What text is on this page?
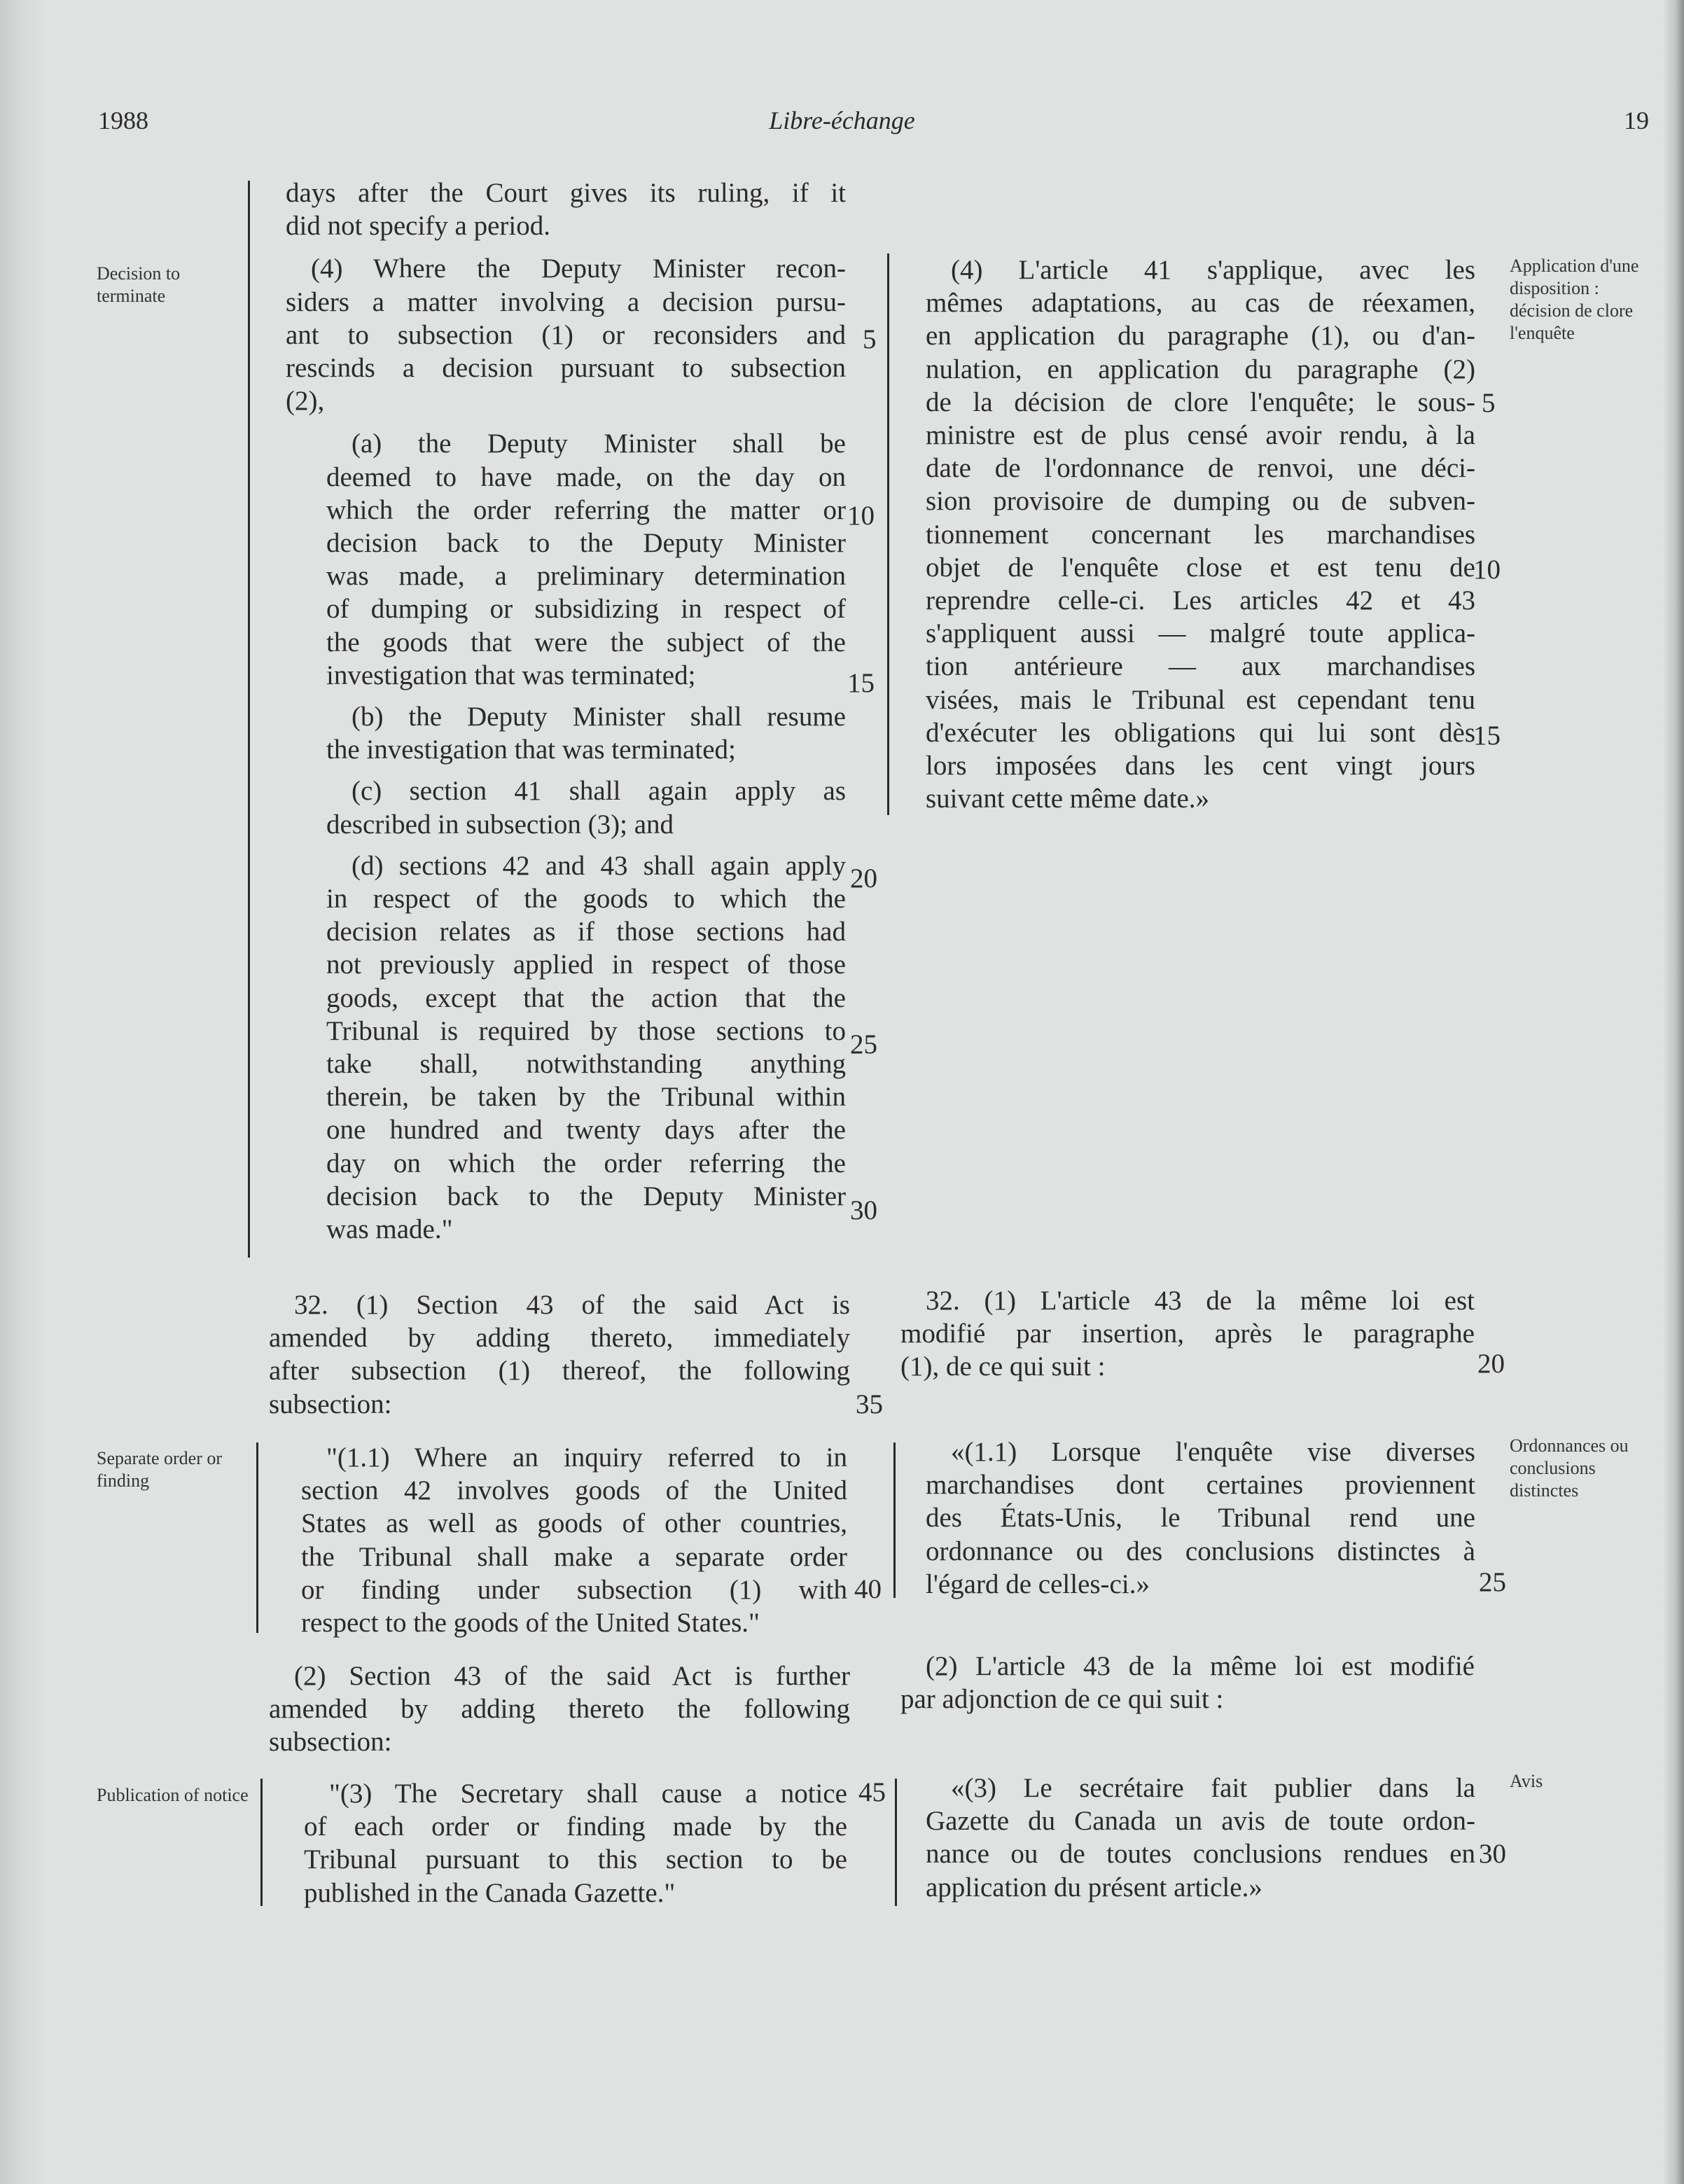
1988	Libre-échange	19
Decision to terminate
Separate order or finding
Publication of notice
Application d'une disposition : décision de clore l'enquête
Ordonnances ou conclusions distinctes
Avis

days after the Court gives its ruling, if it
did not specify a period.

(4) Where the Deputy Minister recon-
siders a matter involving a decision pursu-
ant to subsection (1) or reconsiders and
rescinds a decision pursuant to subsection
(2),

(a) the Deputy Minister shall be
deemed to have made, on the day on
which the order referring the matter or
decision back to the Deputy Minister
was made, a preliminary determination
of dumping or subsidizing in respect of
the goods that were the subject of the
investigation that was terminated;

(b) the Deputy Minister shall resume
the investigation that was terminated;

(c) section 41 shall again apply as
described in subsection (3); and

(d) sections 42 and 43 shall again apply
in respect of the goods to which the
decision relates as if those sections had
not previously applied in respect of those
goods, except that the action that the
Tribunal is required by those sections to
take shall, notwithstanding anything
therein, be taken by the Tribunal within
one hundred and twenty days after the
day on which the order referring the
decision back to the Deputy Minister
was made."

32. (1) Section 43 of the said Act is
amended by adding thereto, immediately
after subsection (1) thereof, the following
subsection:
"(1.1) Where an inquiry referred to in
section 42 involves goods of the United
States as well as goods of other countries,
the Tribunal shall make a separate order
or finding under subsection (1) with
respect to the goods of the United States."
(2) Section 43 of the said Act is further
amended by adding thereto the following
subsection:
"(3) The Secretary shall cause a notice
of each order or finding made by the
Tribunal pursuant to this section to be
published in the Canada Gazette."
(4) L'article 41 s'applique, avec les
mêmes adaptations, au cas de réexamen,
en application du paragraphe (1), ou d'an-
nulation, en application du paragraphe (2)
de la décision de clore l'enquête; le sous-
ministre est de plus censé avoir rendu, à la
date de l'ordonnance de renvoi, une déci-
sion provisoire de dumping ou de subven-
tionnement concernant les marchandises
objet de l'enquête close et est tenu de
reprendre celle-ci. Les articles 42 et 43
s'appliquent aussi — malgré toute applica-
tion antérieure — aux marchandises
visées, mais le Tribunal est cependant tenu
d'exécuter les obligations qui lui sont dès
lors imposées dans les cent vingt jours
suivant cette même date.»
32. (1) L'article 43 de la même loi est
modifié par insertion, après le paragraphe
(1), de ce qui suit :
«(1.1) Lorsque l'enquête vise diverses
marchandises dont certaines proviennent
des États-Unis, le Tribunal rend une
ordonnance ou des conclusions distinctes à
l'égard de celles-ci.»
(2) L'article 43 de la même loi est modifié
par adjonction de ce qui suit :
«(3) Le secrétaire fait publier dans la
Gazette du Canada un avis de toute ordon-
nance ou de toutes conclusions rendues en
application du présent article.»
5
10
15
20
25
30
35
40
45
5
10
15
20
25
30
